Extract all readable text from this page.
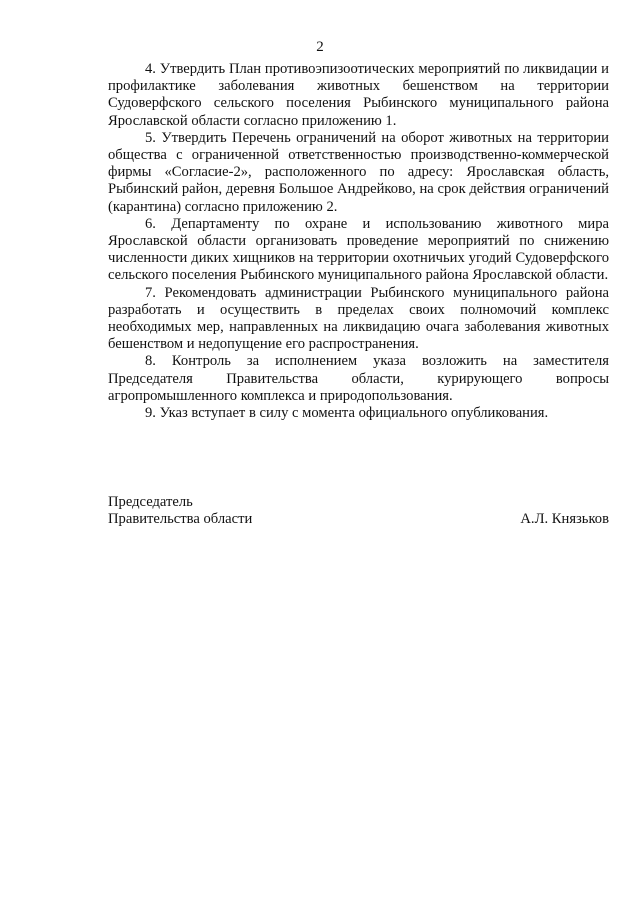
2

4. Утвердить План противоэпизоотических мероприятий по ликвидации и профилактике заболевания животных бешенством на территории Судоверфского сельского поселения Рыбинского муниципального района Ярославской области согласно приложению 1.

5. Утвердить Перечень ограничений на оборот животных на территории общества с ограниченной ответственностью производственно-коммерческой фирмы «Согласие-2», расположенного по адресу: Ярославская область, Рыбинский район, деревня Большое Андрейково, на срок действия ограничений (карантина) согласно приложению 2.

6. Департаменту по охране и использованию животного мира Ярославской области организовать проведение мероприятий по снижению численности диких хищников на территории охотничьих угодий Судоверфского сельского поселения Рыбинского муниципального района Ярославской области.

7. Рекомендовать администрации Рыбинского муниципального района разработать и осуществить в пределах своих полномочий комплекс необходимых мер, направленных на ликвидацию очага заболевания животных бешенством и недопущение его распространения.

8. Контроль за исполнением указа возложить на заместителя Председателя Правительства области, курирующего вопросы агропромышленного комплекса и природопользования.

9. Указ вступает в силу с момента официального опубликования.

Председатель
Правительства области	А.Л. Князьков
